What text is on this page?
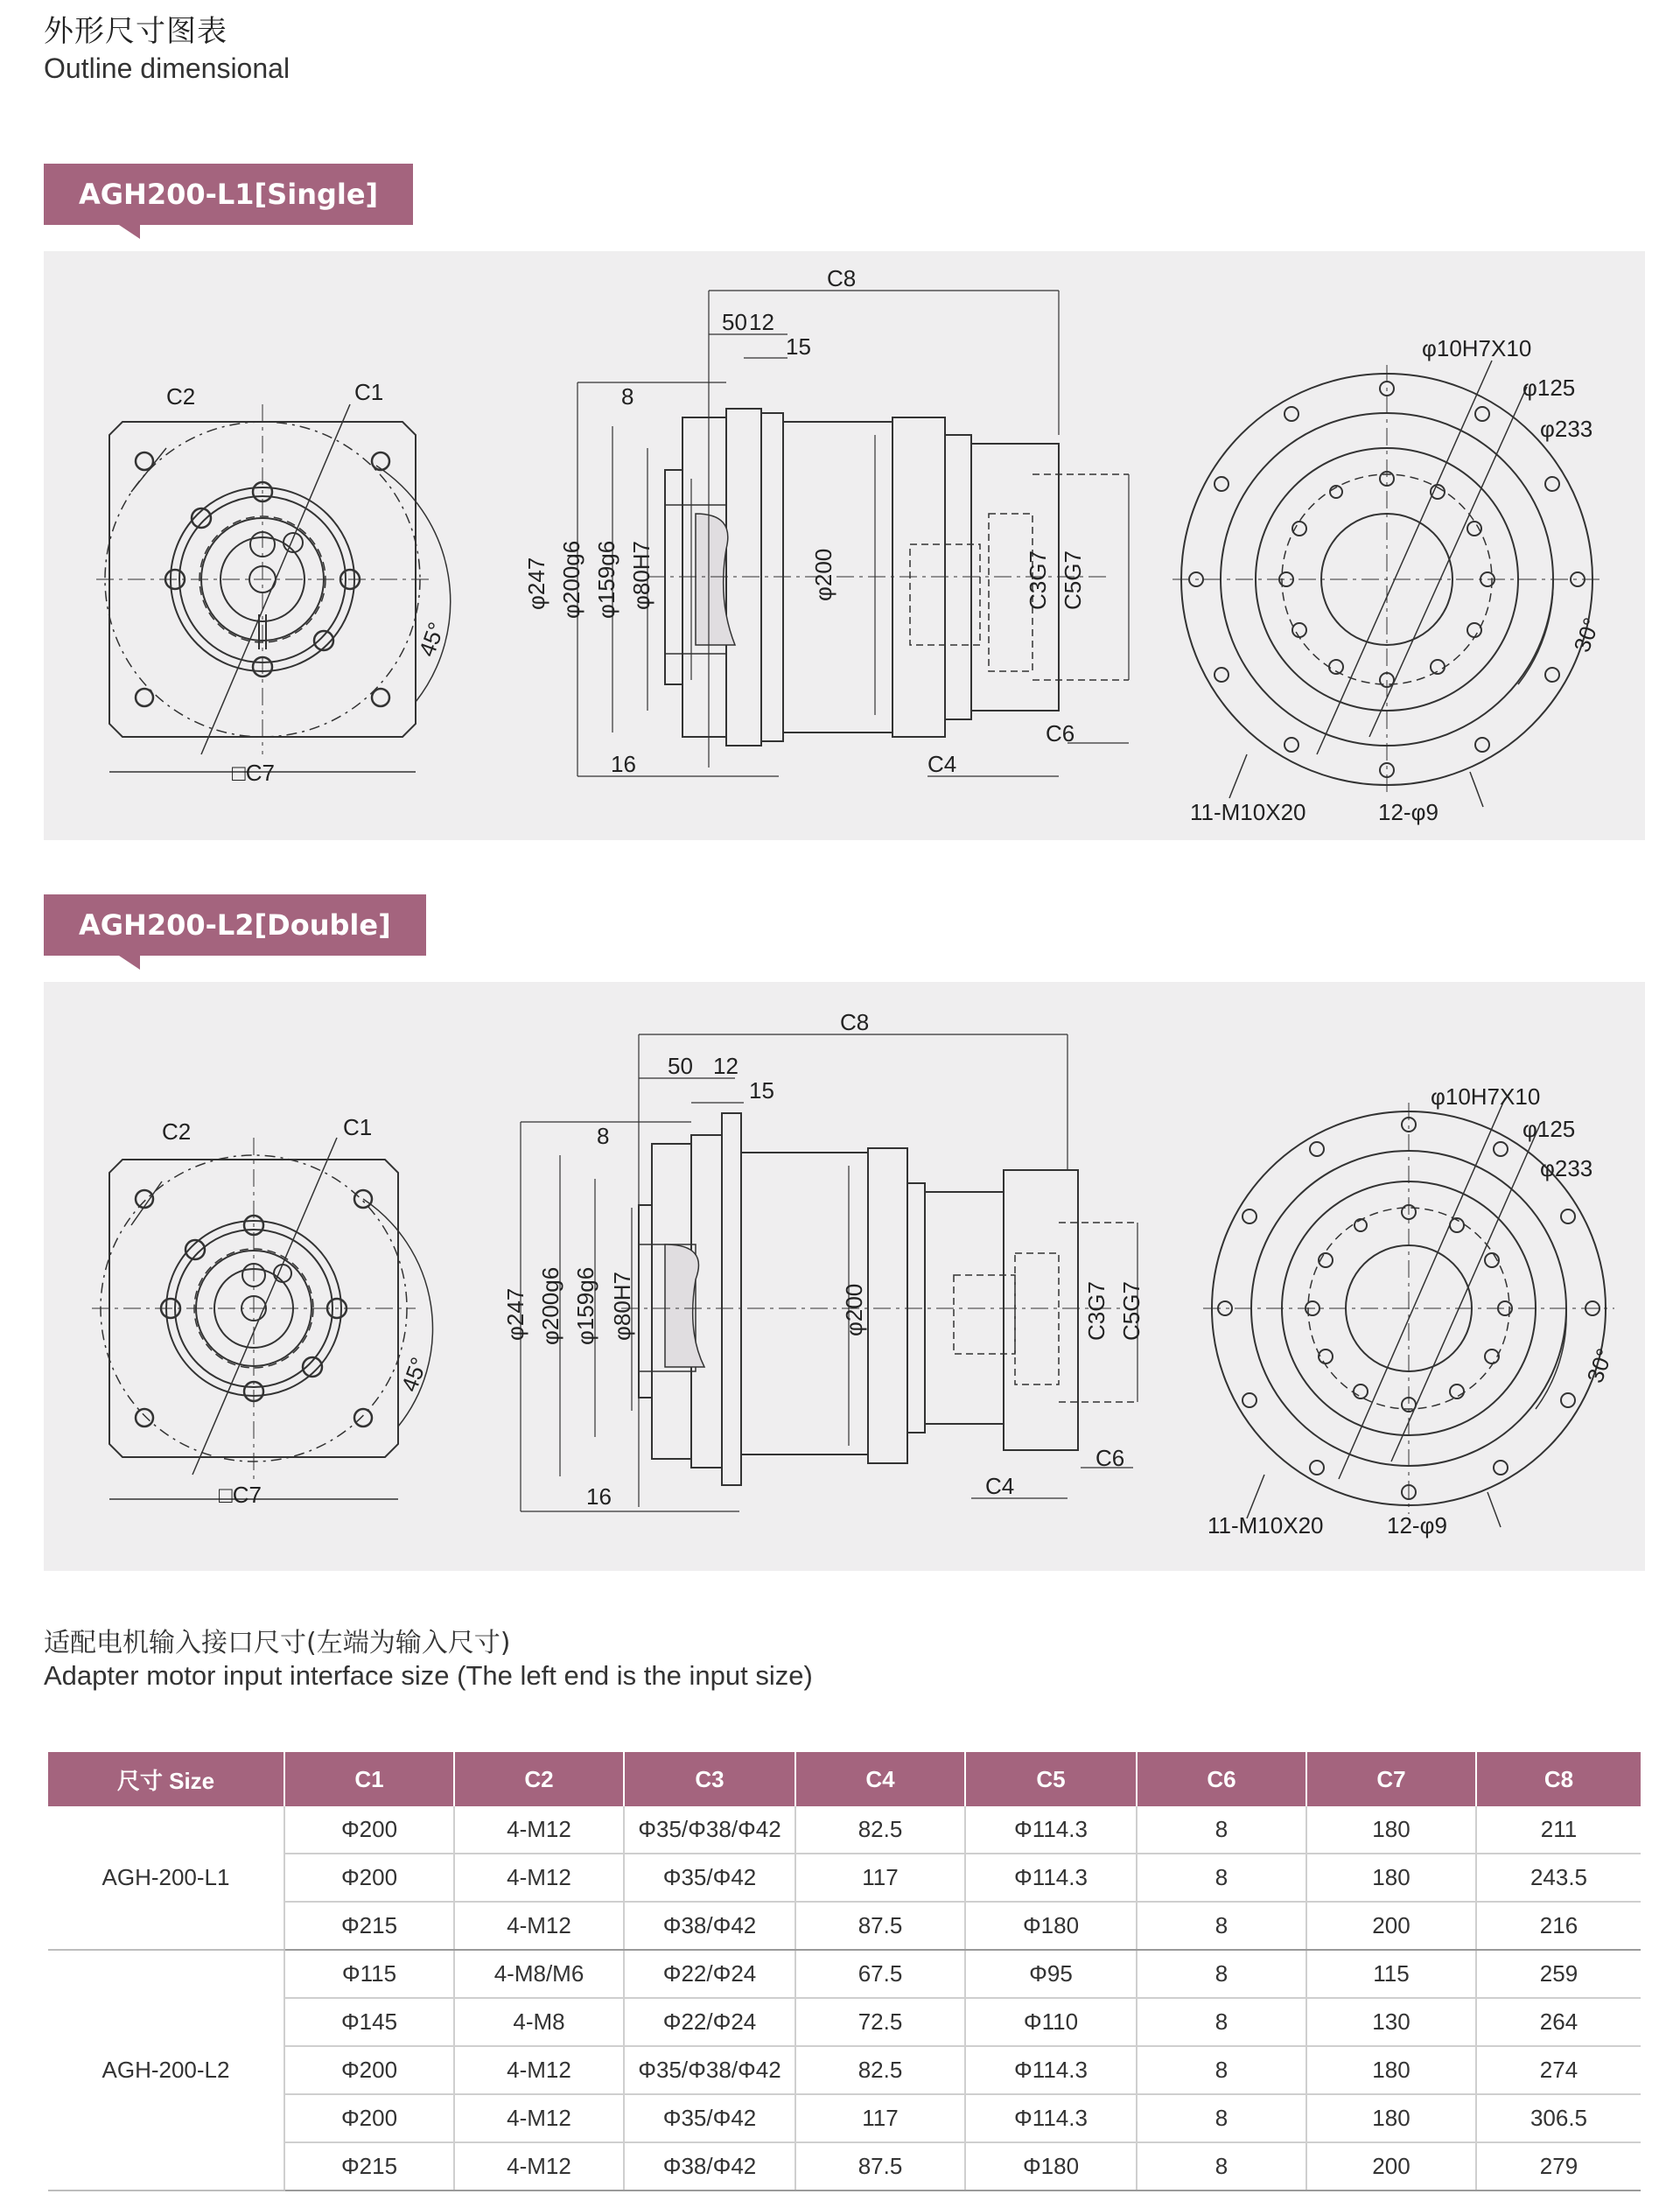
外形尺寸图表
Outline dimensional
AGH200-L1[Single]
C2	C1
□C7
45°
C8
50 12
15
8
16
φ247 φ200g6 φ159g6 φ80H7	φ200	C3G7 C5G7
C6
C4
φ10H7X10
φ125
φ233
30°
11-M10X20	12-φ9
AGH200-L2[Double]
C2	C1
□C7
45°
C8
50 12
15
8
16
φ247 φ200g6 φ159g6 φ80H7	φ200	C3G7 C5G7
C6
C4
φ10H7X10
φ125
φ233
30°
11-M10X20	12-φ9
适配电机输入接口尺寸(左端为输入尺寸)
Adapter motor input interface size (The left end is the input size)
尺寸 Size	C1	C2	C3	C4	C5	C6	C7	C8
AGH-200-L1	Φ200	4-M12	Φ35/Φ38/Φ42	82.5	Φ114.3	8	180	211
	Φ200	4-M12	Φ35/Φ42	117	Φ114.3	8	180	243.5
	Φ215	4-M12	Φ38/Φ42	87.5	Φ180	8	200	216
AGH-200-L2	Φ115	4-M8/M6	Φ22/Φ24	67.5	Φ95	8	115	259
	Φ145	4-M8	Φ22/Φ24	72.5	Φ110	8	130	264
	Φ200	4-M12	Φ35/Φ38/Φ42	82.5	Φ114.3	8	180	274
	Φ200	4-M12	Φ35/Φ42	117	Φ114.3	8	180	306.5
	Φ215	4-M12	Φ38/Φ42	87.5	Φ180	8	200	279
